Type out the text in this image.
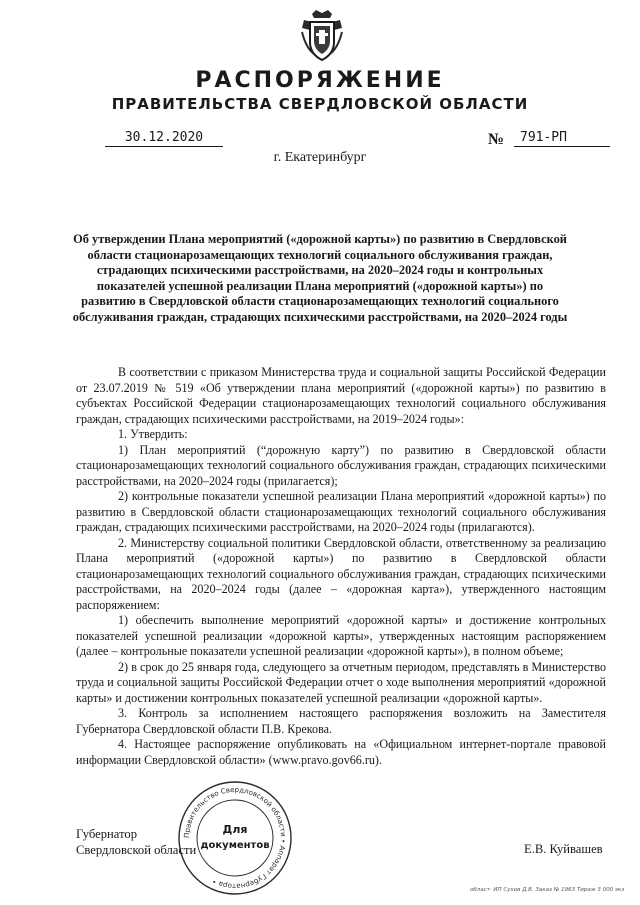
РАСПОРЯЖЕНИЕ
ПРАВИТЕЛЬСТВА СВЕРДЛОВСКОЙ ОБЛАСТИ
30.12.2020	№	791-РП
г. Екатеринбург
Об утверждении Плана мероприятий («дорожной карты») по развитию в Свердловской области стационарозамещающих технологий социального обслуживания граждан, страдающих психическими расстройствами, на 2020–2024 годы и контрольных показателей успешной реализации Плана мероприятий («дорожной карты») по развитию в Свердловской области стационарозамещающих технологий социального обслуживания граждан, страдающих психическими расстройствами, на 2020–2024 годы

В соответствии с приказом Министерства труда и социальной защиты Российской Федерации от 23.07.2019 № 519 «Об утверждении плана мероприятий («дорожной карты») по развитию в субъектах Российской Федерации стационарозамещающих технологий социального обслуживания граждан, страдающих психическими расстройствами, на 2019–2024 годы»:

1. Утвердить:

1) План мероприятий (“дорожную карту”) по развитию в Свердловской области стационарозамещающих технологий социального обслуживания граждан, страдающих психическими расстройствами, на 2020–2024 годы (прилагается);

2) контрольные показатели успешной реализации Плана мероприятий «дорожной карты») по развитию в Свердловской области стационарозамещающих технологий социального обслуживания граждан, страдающих психическими расстройствами, на 2020–2024 годы (прилагаются).

2. Министерству социальной политики Свердловской области, ответственному за реализацию Плана мероприятий («дорожной карты») по развитию в Свердловской области стационарозамещающих технологий социального обслуживания граждан, страдающих психическими расстройствами, на 2020–2024 годы (далее – «дорожная карта»), утвержденного настоящим распоряжением:

1) обеспечить выполнение мероприятий «дорожной карты» и достижение контрольных показателей успешной реализации «дорожной карты», утвержденных настоящим распоряжением (далее – контрольные показатели успешной реализации «дорожной карты»), в полном объеме;

2) в срок до 25 января года, следующего за отчетным периодом, представлять в Министерство труда и социальной защиты Российской Федерации отчет о ходе выполнения мероприятий «дорожной карты» и достижении контрольных показателей успешной реализации «дорожной карты».

3. Контроль за исполнением настоящего распоряжения возложить на Заместителя Губернатора Свердловской области П.В. Крекова.

4. Настоящее распоряжение опубликовать на «Официальном интернет-портале правовой информации Свердловской области» (www.pravo.gov66.ru).

Правительство Свердловской области • Аппарат Губернатора •
Для
документов
Губернатор
Свердловской области	Е.В. Куйвашев
област· ИП Сухов Д.В. Заказ № 1963 Тираж 3 000 экз
